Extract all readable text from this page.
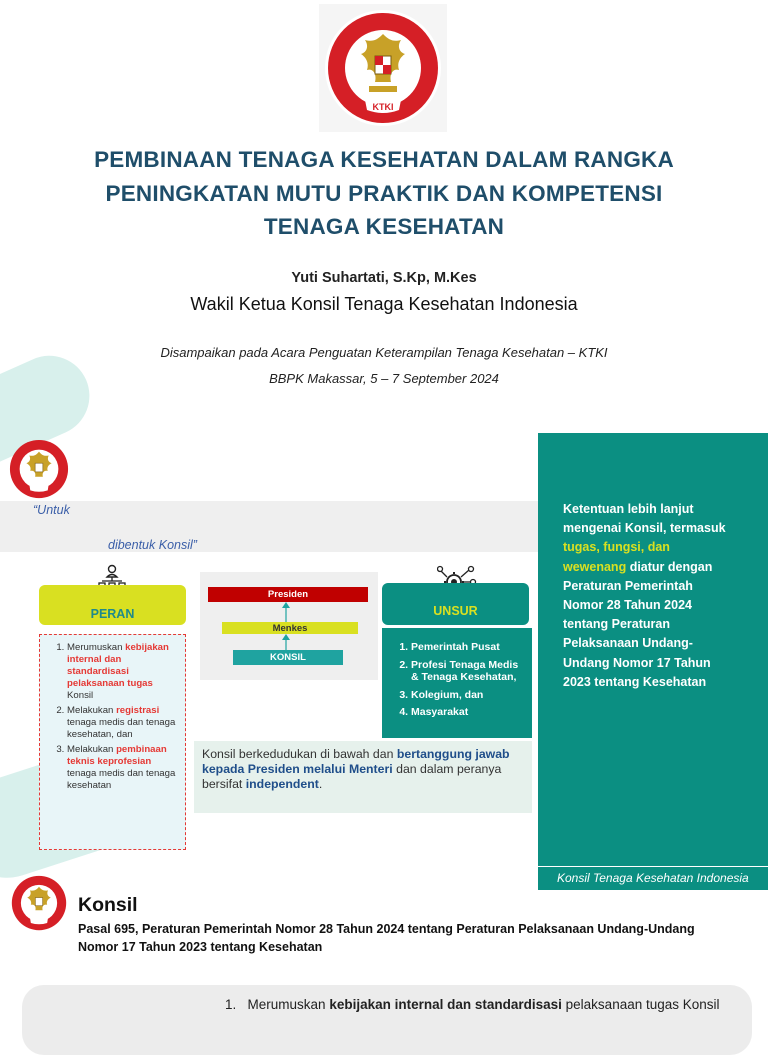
KTKI
PEMBINAAN TENAGA KESEHATAN DALAM RANGKA
PENINGKATAN MUTU PRAKTIK DAN KOMPETENSI
TENAGA KESEHATAN
Yuti Suhartati, S.Kp, M.Kes
Wakil Ketua Konsil Tenaga Kesehatan Indonesia
Disampaikan pada Acara Penguatan Keterampilan Tenaga Kesehatan – KTKI
BBPK Makassar, 5 – 7 September 2024
“Untuk
dibentuk Konsil”
PERAN
1. Merumuskan kebijakan internal dan standardisasi pelaksanaan tugas Konsil
2. Melakukan registrasi tenaga medis dan tenaga kesehatan, dan
3. Melakukan pembinaan teknis keprofesian tenaga medis dan tenaga kesehatan
Presiden
Menkes
KONSIL
UNSUR
1. Pemerintah Pusat
2. Profesi Tenaga Medis & Tenaga Kesehatan,
3. Kolegium, dan
4. Masyarakat
Konsil berkedudukan di bawah dan bertanggung jawab kepada Presiden melalui Menteri dan dalam peranya bersifat independent.
Ketentuan lebih lanjut mengenai Konsil, termasuk tugas, fungsi, dan wewenang diatur dengan Peraturan Pemerintah Nomor 28 Tahun 2024 tentang Peraturan Pelaksanaan Undang-Undang Nomor 17 Tahun 2023 tentang Kesehatan
Konsil Tenaga Kesehatan Indonesia
Konsil
Pasal 695, Peraturan Pemerintah Nomor 28 Tahun 2024 tentang Peraturan Pelaksanaan Undang-Undang Nomor 17 Tahun 2023 tentang Kesehatan
1. Merumuskan kebijakan internal dan standardisasi pelaksanaan tugas Konsil
